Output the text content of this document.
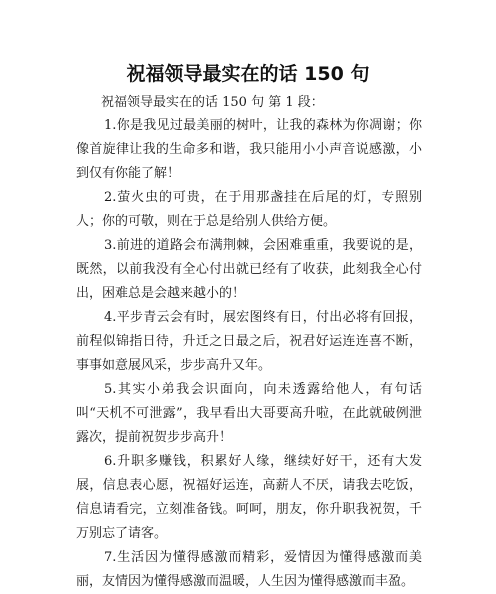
祝福领导最实在的话 150 句

祝福领导最实在的话 150 句 第 1 段：

1.你是我见过最美丽的树叶，让我的森林为你凋谢；你像首旋律让我的生命多和谐，我只能用小小声音说感激，小到仅有你能了解！

2.萤火虫的可贵，在于用那盏挂在后尾的灯，专照别人；你的可敬，则在于总是给别人供给方便。

3.前进的道路会布满荆棘，会困难重重，我要说的是，既然，以前我没有全心付出就已经有了收获，此刻我全心付出，困难总是会越来越小的！

4.平步青云会有时，展宏图终有日，付出必将有回报，前程似锦指日待，升迁之日最之后，祝君好运连连喜不断，事事如意展风采，步步高升又年。

5.其实小弟我会识面向，向未透露给他人，有句话叫“天机不可泄露”，我早看出大哥要高升啦，在此就破例泄露次，提前祝贺步步高升！

6.升职多赚钱，积累好人缘，继续好好干，还有大发展，信息表心愿，祝福好运连，高薪人不厌，请我去吃饭，信息请看完，立刻准备钱。呵呵，朋友，你升职我祝贺，千万别忘了请客。

7.生活因为懂得感激而精彩，爱情因为懂得感激而美丽，友情因为懂得感激而温暖，人生因为懂得感激而丰盈。
